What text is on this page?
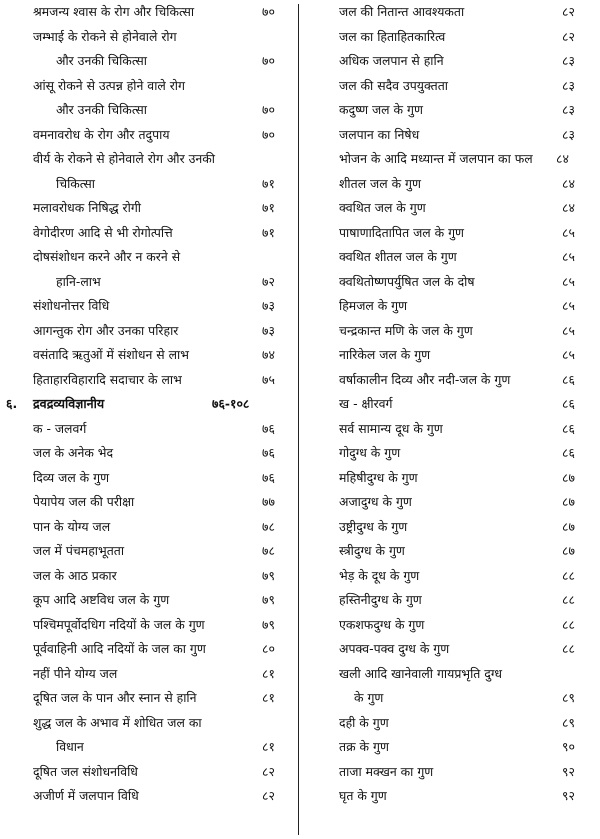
श्रमजन्य श्वास के रोग और चिकित्सा	७०
जम्भाई के रोकने से होनेवाले रोग
और उनकी चिकित्सा	७०
आंसू रोकने से उत्पन्न होने वाले रोग
और उनकी चिकित्सा	७०
वमनावरोध के रोग और तदुपाय	७०
वीर्य के रोकने से होनेवाले रोग और उनकी
चिकित्सा	७१
मलावरोधक निषिद्ध रोगी	७१
वेगोदीरण आदि से भी रोगोत्पत्ति	७१
दोषसंशोधन करने और न करने से
हानि-लाभ	७२
संशोधनोत्तर विधि	७३
आगन्तुक रोग और उनका परिहार	७३
वसंतादि ऋतुओं में संशोधन से लाभ	७४
हिताहारविहारादि सदाचार के लाभ	७५
६. द्रवद्रव्यविज्ञानीय	७६-१०८
क - जलवर्ग	७६
जल के अनेक भेद	७६
दिव्य जल के गुण	७६
पेयापेय जल की परीक्षा	७७
पान के योग्य जल	७८
जल में पंचमहाभूतता	७८
जल के आठ प्रकार	७९
कूप आदि अष्टविध जल के गुण	७९
पश्चिमपूर्वोदधिग नदियों के जल के गुण	७९
पूर्ववाहिनी आदि नदियों के जल का गुण	८०
नहीं पीने योग्य जल	८१
दूषित जल के पान और स्नान से हानि	८१
शुद्ध जल के अभाव में शोधित जल का
विधान	८१
दूषित जल संशोधनविधि	८२
अजीर्ण में जलपान विधि	८२
जल की नितान्त आवश्यकता	८२
जल का हिताहितकारित्व	८२
अधिक जलपान से हानि	८३
जल की सदैव उपयुक्तता	८३
कदुष्ण जल के गुण	८३
जलपान का निषेध	८३
भोजन के आदि मध्यान्त में जलपान का फल ८४
शीतल जल के गुण	८४
क्वथित जल के गुण	८४
पाषाणादितापित जल के गुण	८५
क्वथित शीतल जल के गुण	८५
क्वथितोष्णपर्युषित जल के दोष	८५
हिमजल के गुण	८५
चन्द्रकान्त मणि के जल के गुण	८५
नारिकेल जल के गुण	८५
वर्षाकालीन दिव्य और नदी-जल के गुण	८६
ख - क्षीरवर्ग	८६
सर्व सामान्य दूध के गुण	८६
गोदुग्ध के गुण	८६
महिषीदुग्ध के गुण	८७
अजादुग्ध के गुण	८७
उष्ट्रीदुग्ध के गुण	८७
स्त्रीदुग्ध के गुण	८७
भेड़ के दूध के गुण	८८
हस्तिनीदुग्ध के गुण	८८
एकशफदुग्ध के गुण	८८
अपक्व-पक्व दुग्ध के गुण	८८
खली आदि खानेवाली गायप्रभृति दुग्ध
के गुण	८९
दही के गुण	८९
तक्र के गुण	९०
ताजा मक्खन का गुण	९२
घृत के गुण	९२
